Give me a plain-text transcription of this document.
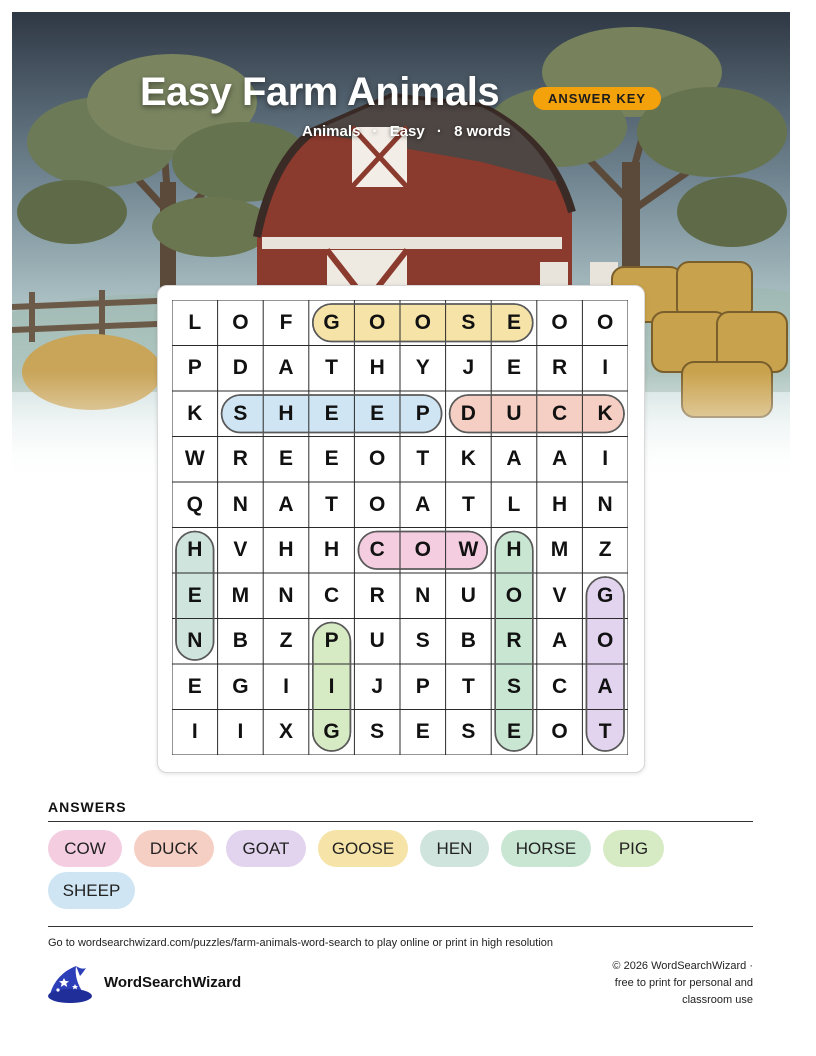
Easy Farm Animals	ANSWER KEY
Animals · Easy · 8 words
L	O	F	G	O	O	S	E	O	O
P	D	A	T	H	Y	J	E	R	I
K	S	H	E	E	P	D	U	C	K
W	R	E	E	O	T	K	A	A	I
Q	N	A	T	O	A	T	L	H	N
H	V	H	H	C	O	W	H	M	Z
E	M	N	C	R	N	U	O	V	G
N	B	Z	P	U	S	B	R	A	O
E	G	I	I	J	P	T	S	C	A
I	I	X	G	S	E	S	E	O	T
ANSWERS
COW	DUCK	GOAT	GOOSE	HEN	HORSE	PIG
SHEEP
Go to wordsearchwizard.com/puzzles/farm-animals-word-search to play online or print in high resolution
WordSearchWizard
© 2026 WordSearchWizard ·
free to print for personal and
classroom use
